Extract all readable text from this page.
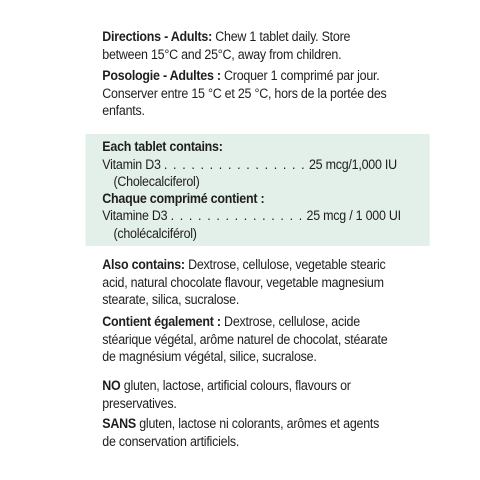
Directions - Adults: Chew 1 tablet daily. Store between 15°C and 25°C, away from children.

Posologie - Adultes : Croquer 1 comprimé par jour. Conserver entre 15 °C et 25 °C, hors de la portée des enfants.

Each tablet contains:
Vitamin D3 . . . . . . . . . . . . . . . . 25 mcg/1,000 IU
(Cholecalciferol)
Chaque comprimé contient :
Vitamine D3 . . . . . . . . . . . . . . . 25 mcg / 1 000 UI
(cholécalciférol)

Also contains: Dextrose, cellulose, vegetable stearic acid, natural chocolate flavour, vegetable magnesium stearate, silica, sucralose.

Contient également : Dextrose, cellulose, acide stéarique végétal, arôme naturel de chocolat, stéarate de magnésium végétal, silice, sucralose.

NO gluten, lactose, artificial colours, flavours or preservatives.

SANS gluten, lactose ni colorants, arômes et agents de conservation artificiels.
